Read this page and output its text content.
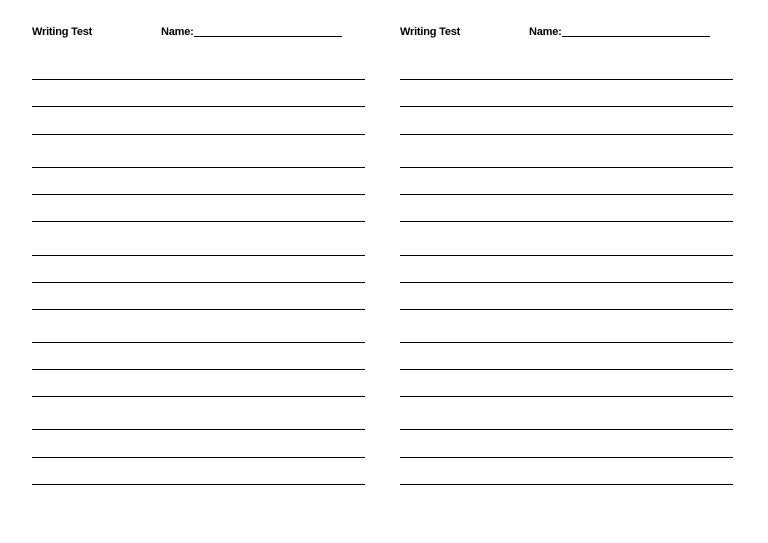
Writing Test	Name:	Writing Test	Name:
